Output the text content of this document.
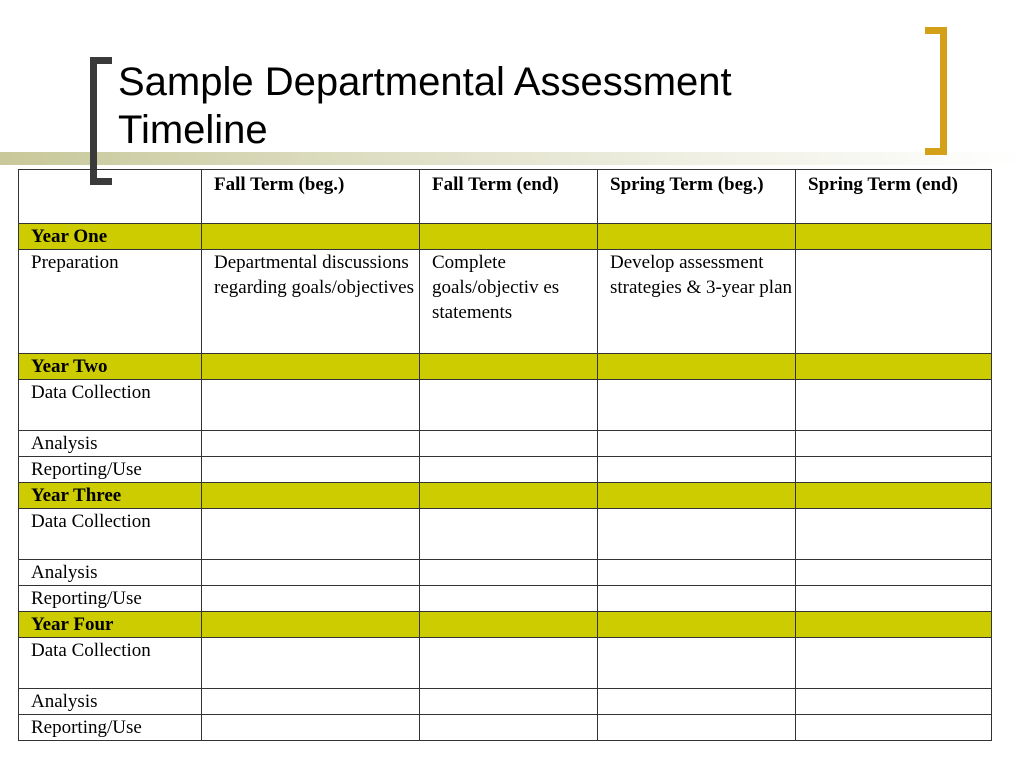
Sample Departmental Assessment
Timeline
	Fall Term (beg.)	Fall Term (end)	Spring Term (beg.)	Spring Term (end)
Year One				
Preparation	Departmental discussions regarding goals/objectives	Complete goals/objectiv es statements	Develop assessment strategies & 3-year plan	
Year Two				
Data Collection				
Analysis				
Reporting/Use				
Year Three				
Data Collection				
Analysis				
Reporting/Use				
Year Four				
Data Collection				
Analysis				
Reporting/Use				
